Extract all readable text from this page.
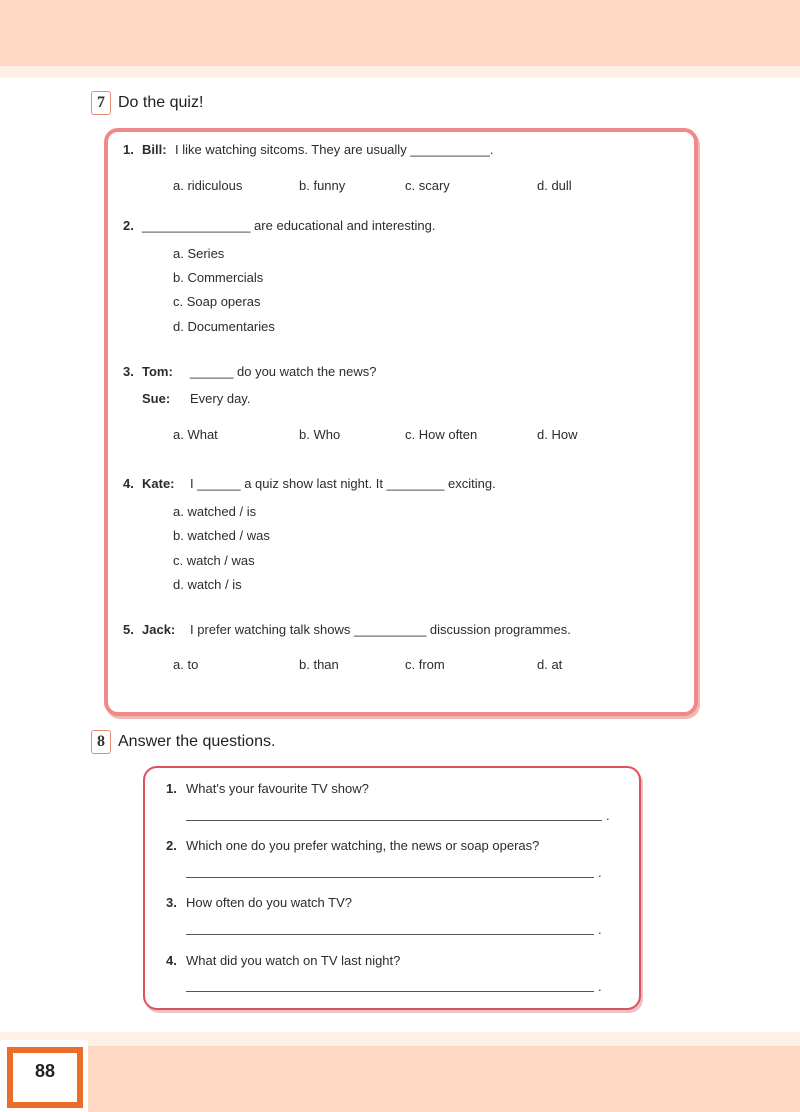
7 Do the quiz!
1. Bill: I like watching sitcoms. They are usually ___________.
a. ridiculous	b. funny	c. scary	d. dull
2. _______________ are educational and interesting.
a. Series
b. Commercials
c. Soap operas
d. Documentaries
3. Tom: ______ do you watch the news?
Sue: Every day.
a. What	b. Who	c. How often	d. How
4. Kate: I ______ a quiz show last night. It ________ exciting.
a. watched / is
b. watched / was
c. watch / was
d. watch / is
5. Jack: I prefer watching talk shows __________ discussion programmes.
a. to	b. than	c. from	d. at
8 Answer the questions.
1. What's your favourite TV show?
.
2. Which one do you prefer watching, the news or soap operas?
.
3. How often do you watch TV?
.
4. What did you watch on TV last night?
.
88
